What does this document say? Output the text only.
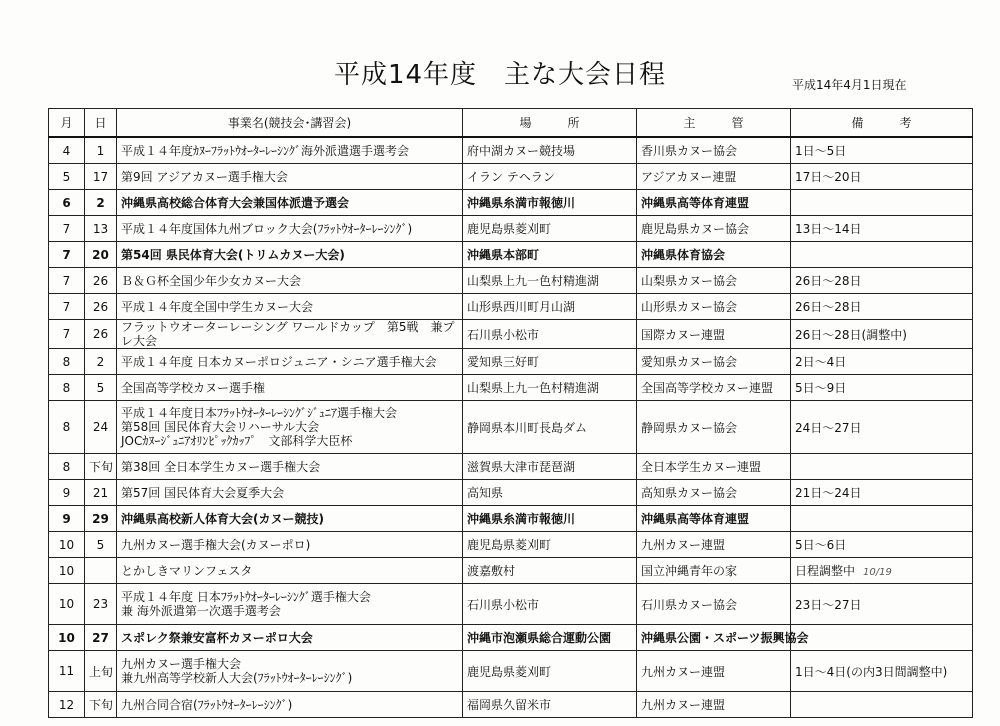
平成14年度　主な大会日程	平成14年4月1日現在
月	日	事業名(競技会･講習会)	場　　　所	主　　　管	備　　　考
4	1	平成１４年度ｶﾇｰﾌﾗｯﾄｳｵｰﾀｰﾚｰｼﾝｸﾞ海外派遣選手選考会	府中湖カヌー競技場	香川県カヌー協会	1日～5日
5	17	第9回 アジアカヌー選手権大会	イラン テヘラン	アジアカヌー連盟	17日～20日
6	2	沖縄県高校総合体育大会兼国体派遣予選会	沖縄県糸満市報徳川	沖縄県高等体育連盟	
7	13	平成１４年度国体九州ブロック大会(ﾌﾗｯﾄｳｵｰﾀｰﾚｰｼﾝｸﾞ)	鹿児島県菱刈町	鹿児島県カヌー協会	13日～14日
7	20	第54回 県民体育大会(トリムカヌー大会)	沖縄県本部町	沖縄県体育協会	
7	26	Ｂ＆Ｇ杯全国少年少女カヌー大会	山梨県上九一色村精進湖	山梨県カヌー協会	26日～28日
7	26	平成１４年度全国中学生カヌー大会	山形県西川町月山湖	山形県カヌー協会	26日～28日
7	26	フラットウオーターレーシング ワールドカップ　第5戦　兼プレ大会	石川県小松市	国際カヌー連盟	26日～28日(調整中)
8	2	平成１４年度 日本カヌーポロジュニア・シニア選手権大会	愛知県三好町	愛知県カヌー協会	2日～4日
8	5	全国高等学校カヌー選手権	山梨県上九一色村精進湖	全国高等学校カヌー連盟	5日～9日
8	24	平成１４年度日本ﾌﾗｯﾄｳｵｰﾀｰﾚｰｼﾝｸﾞｼﾞｭﾆｱ選手権大会
第58回 国民体育大会リハーサル大会
JOCｶﾇｰｼﾞｭﾆｱｵﾘﾝﾋﾟｯｸｶｯﾌﾟ　文部科学大臣杯	静岡県本川町長島ダム	静岡県カヌー協会	24日～27日
8	下旬	第38回 全日本学生カヌー選手権大会	滋賀県大津市琵琶湖	全日本学生カヌー連盟	
9	21	第57回 国民体育大会夏季大会	高知県	高知県カヌー協会	21日～24日
9	29	沖縄県高校新人体育大会(カヌー競技)	沖縄県糸満市報徳川	沖縄県高等体育連盟	
10	5	九州カヌー選手権大会(カヌーポロ)	鹿児島県菱刈町	九州カヌー連盟	5日～6日
10		とかしきマリンフェスタ	渡嘉敷村	国立沖縄青年の家	日程調整中 10/19
10	23	平成１４年度 日本ﾌﾗｯﾄｳｵｰﾀｰﾚｰｼﾝｸﾞ選手権大会
兼 海外派遣第一次選手選考会	石川県小松市	石川県カヌー協会	23日～27日
10	27	スポレク祭兼安富杯カヌーポロ大会	沖縄市泡瀬県総合運動公園	沖縄県公園・スポーツ振興協会	
11	上旬	九州カヌー選手権大会
兼九州高等学校新人大会(ﾌﾗｯﾄｳｵｰﾀｰﾚｰｼﾝｸﾞ)	鹿児島県菱刈町	九州カヌー連盟	1日～4日(の内3日間調整中)
12	下旬	九州合同合宿(ﾌﾗｯﾄｳｵｰﾀｰﾚｰｼﾝｸﾞ)	福岡県久留米市	九州カヌー連盟	
